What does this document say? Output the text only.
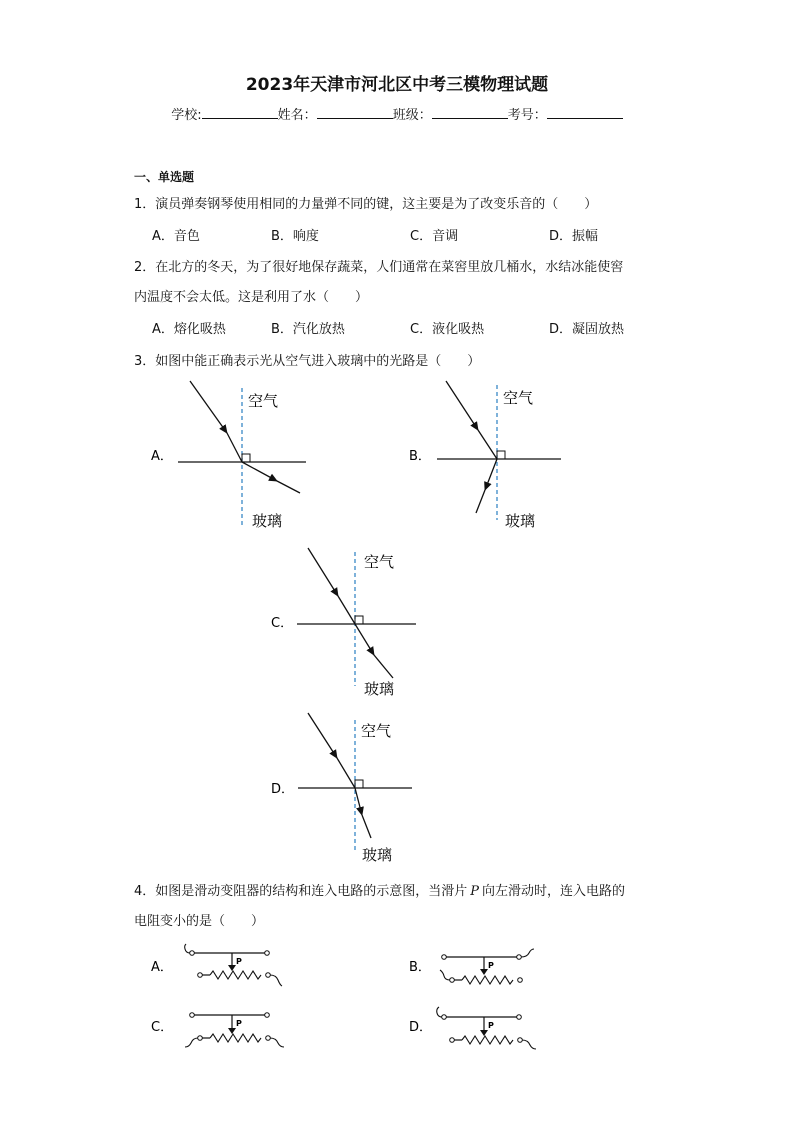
2023年天津市河北区中考三模物理试题
学校:	姓名：	班级：	考号：
一、单选题
1．演员弹奏钢琴使用相同的力量弹不同的键，这主要是为了改变乐音的（　　）
A．音色	B．响度	C．音调	D．振幅
2．在北方的冬天，为了很好地保存蔬菜，人们通常在菜窖里放几桶水，水结冰能使窖
内温度不会太低。这是利用了水（　　）
A．熔化吸热	B．汽化放热	C．液化吸热	D．凝固放热
3．如图中能正确表示光从空气进入玻璃中的光路是（　　）
A．
空气
玻璃
B．
空气
玻璃
C．
空气
玻璃
D．
空气
玻璃
4．如图是滑动变阻器的结构和连入电路的示意图，当滑片 P 向左滑动时，连入电路的
电阻变小的是（　　）
A．	P	B．	P
C．	P	D．	P
